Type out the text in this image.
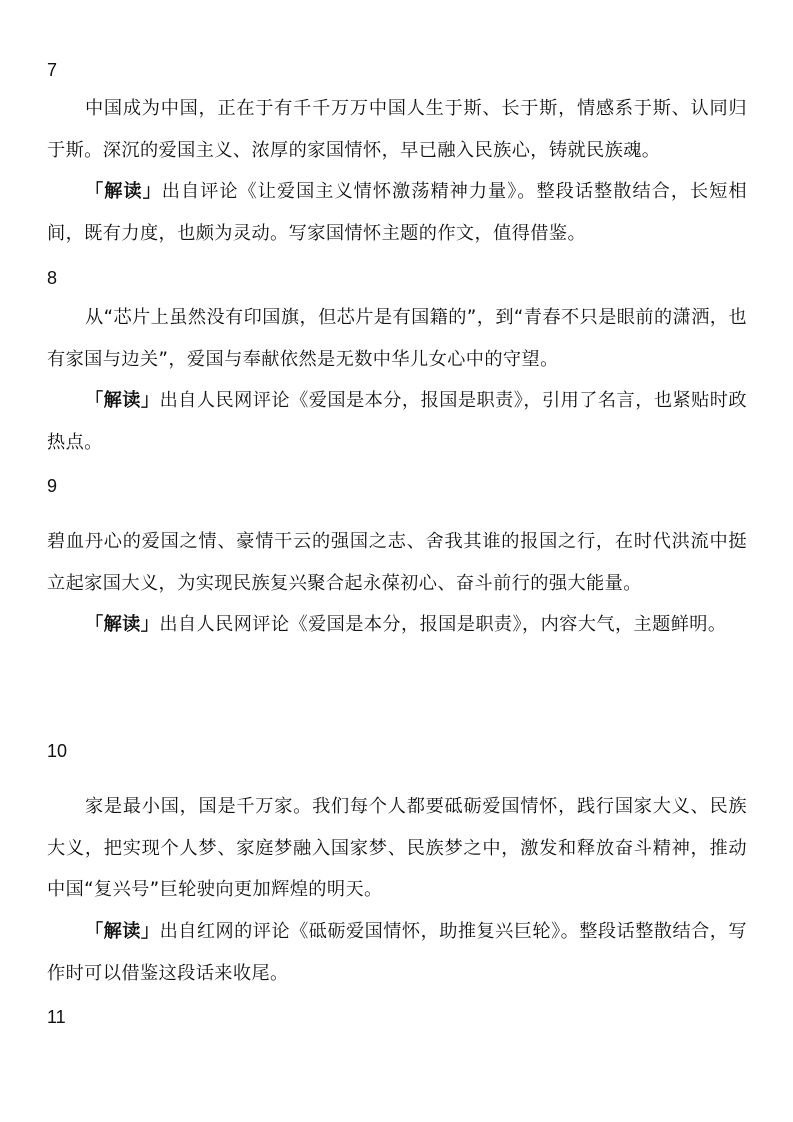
7
中国成为中国，正在于有千千万万中国人生于斯、长于斯，情感系于斯、认同归于斯。深沉的爱国主义、浓厚的家国情怀，早已融入民族心，铸就民族魂。
「解读」出自评论《让爱国主义情怀激荡精神力量》。整段话整散结合，长短相间，既有力度，也颇为灵动。写家国情怀主题的作文，值得借鉴。
8
从“芯片上虽然没有印国旗，但芯片是有国籍的”，到“青春不只是眼前的潇洒，也有家国与边关”，爱国与奉献依然是无数中华儿女心中的守望。
「解读」出自人民网评论《爱国是本分，报国是职责》，引用了名言，也紧贴时政热点。
9
碧血丹心的爱国之情、豪情干云的强国之志、舍我其谁的报国之行，在时代洪流中挺立起家国大义，为实现民族复兴聚合起永葆初心、奋斗前行的强大能量。
「解读」出自人民网评论《爱国是本分，报国是职责》，内容大气，主题鲜明。
10
家是最小国，国是千万家。我们每个人都要砥砺爱国情怀，践行国家大义、民族大义，把实现个人梦、家庭梦融入国家梦、民族梦之中，激发和释放奋斗精神，推动中国“复兴号”巨轮驶向更加辉煌的明天。
「解读」出自红网的评论《砥砺爱国情怀，助推复兴巨轮》。整段话整散结合，写作时可以借鉴这段话来收尾。
11
